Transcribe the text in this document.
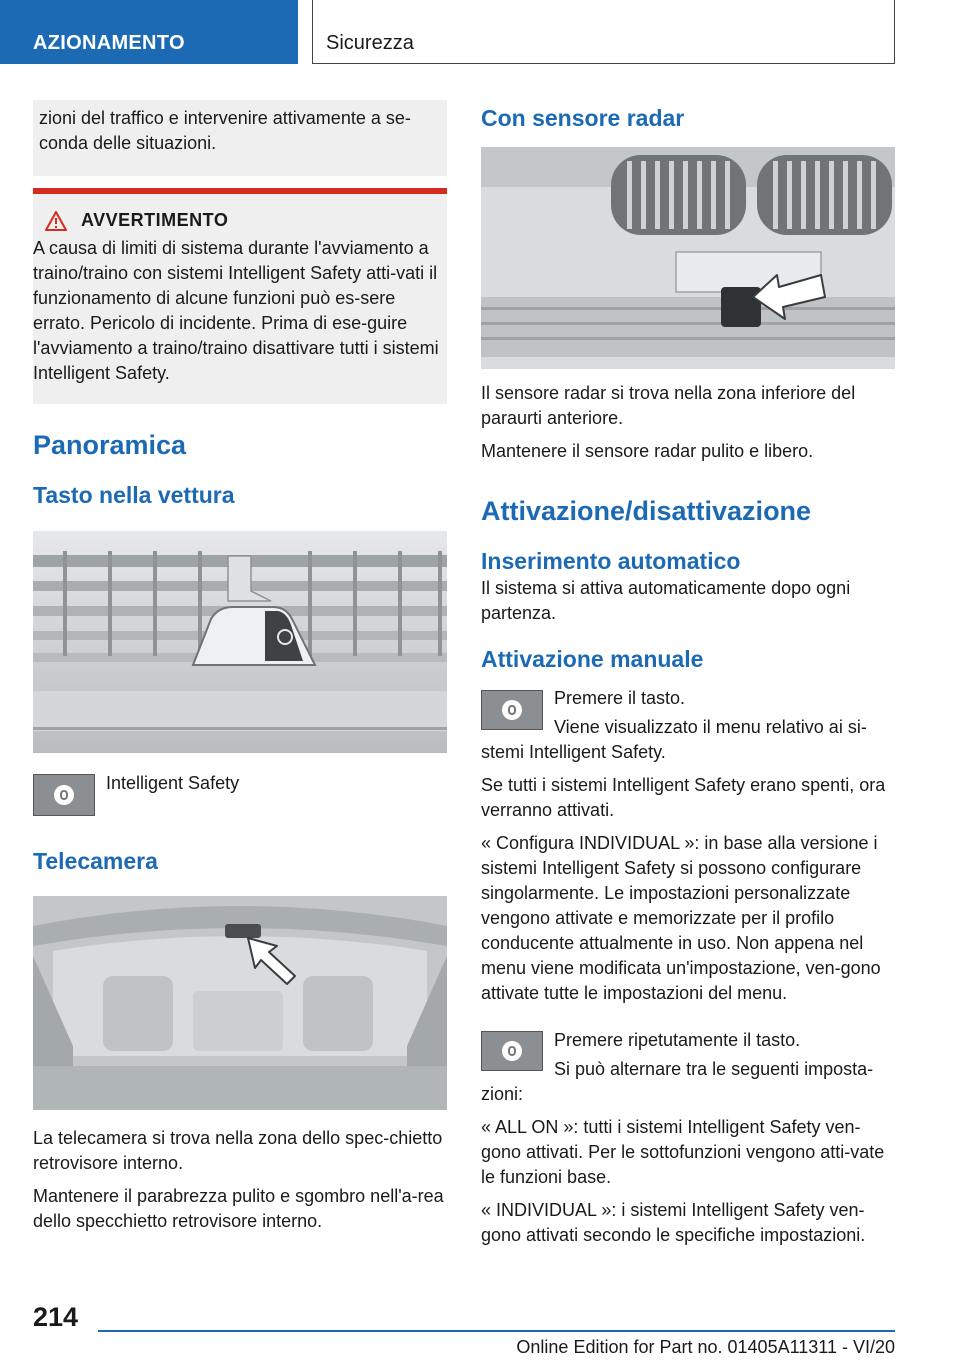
AZIONAMENTO	Sicurezza
zioni del traffico e intervenire attivamente a se-conda delle situazioni.
AVVERTIMENTO

A causa di limiti di sistema durante l'avviamento a traino/traino con sistemi Intelligent Safety atti-vati il funzionamento di alcune funzioni può es-sere errato. Pericolo di incidente. Prima di ese-guire l'avviamento a traino/traino disattivare tutti i sistemi Intelligent Safety.

Panoramica
Tasto nella vettura

Intelligent Safety

Telecamera

La telecamera si trova nella zona dello spec-chietto retrovisore interno.

Mantenere il parabrezza pulito e sgombro nell'a-rea dello specchietto retrovisore interno.

Con sensore radar

Il sensore radar si trova nella zona inferiore del paraurti anteriore.

Mantenere il sensore radar pulito e libero.

Attivazione/disattivazione
Inserimento automatico

Il sistema si attiva automaticamente dopo ogni partenza.

Attivazione manuale

Premere il tasto.

Viene visualizzato il menu relativo ai si-stemi Intelligent Safety.

Se tutti i sistemi Intelligent Safety erano spenti, ora verranno attivati.

« Configura INDIVIDUAL »: in base alla versione i sistemi Intelligent Safety si possono configurare singolarmente. Le impostazioni personalizzate vengono attivate e memorizzate per il profilo conducente attualmente in uso. Non appena nel menu viene modificata un'impostazione, ven-gono attivate tutte le impostazioni del menu.

Premere ripetutamente il tasto.

Si può alternare tra le seguenti imposta-zioni:

« ALL ON »: tutti i sistemi Intelligent Safety ven-gono attivati. Per le sottofunzioni vengono atti-vate le funzioni base.

« INDIVIDUAL »: i sistemi Intelligent Safety ven-gono attivati secondo le specifiche impostazioni.

214
Online Edition for Part no. 01405A11311 - VI/20
